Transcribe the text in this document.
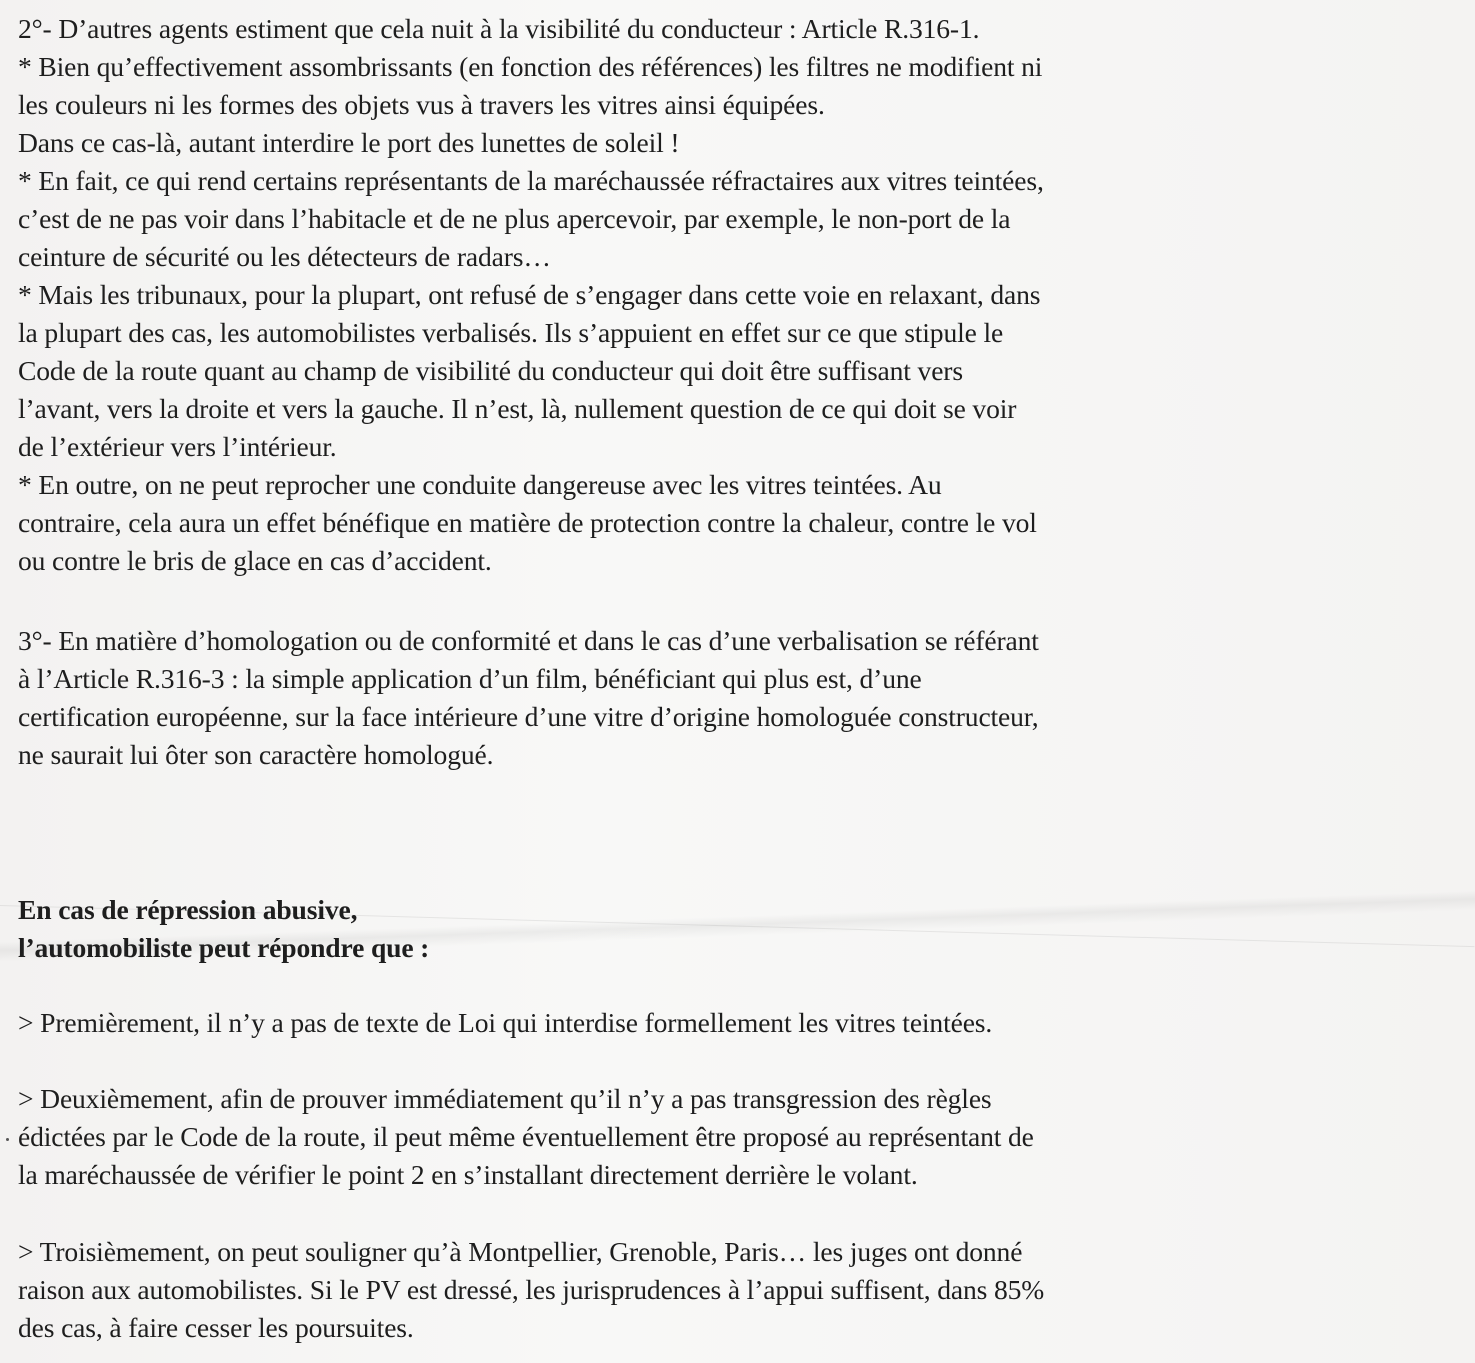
2°- D’autres agents estiment que cela nuit à la visibilité du conducteur : Article R.316-1.
* Bien qu’effectivement assombrissants (en fonction des références) les filtres ne modifient ni
les couleurs ni les formes des objets vus à travers les vitres ainsi équipées.
Dans ce cas-là, autant interdire le port des lunettes de soleil !
* En fait, ce qui rend certains représentants de la maréchaussée réfractaires aux vitres teintées,
c’est de ne pas voir dans l’habitacle et de ne plus apercevoir, par exemple, le non-port de la
ceinture de sécurité ou les détecteurs de radars…
* Mais les tribunaux, pour la plupart, ont refusé de s’engager dans cette voie en relaxant, dans
la plupart des cas, les automobilistes verbalisés. Ils s’appuient en effet sur ce que stipule le
Code de la route quant au champ de visibilité du conducteur qui doit être suffisant vers
l’avant, vers la droite et vers la gauche. Il n’est, là, nullement question de ce qui doit se voir
de l’extérieur vers l’intérieur.
* En outre, on ne peut reprocher une conduite dangereuse avec les vitres teintées. Au
contraire, cela aura un effet bénéfique en matière de protection contre la chaleur, contre le vol
ou contre le bris de glace en cas d’accident.
3°- En matière d’homologation ou de conformité et dans le cas d’une verbalisation se référant
à l’Article R.316-3 : la simple application d’un film, bénéficiant qui plus est, d’une
certification européenne, sur la face intérieure d’une vitre d’origine homologuée constructeur,
ne saurait lui ôter son caractère homologué.
En cas de répression abusive,
l’automobiliste peut répondre que :
> Premièrement, il n’y a pas de texte de Loi qui interdise formellement les vitres teintées.
> Deuxièmement, afin de prouver immédiatement qu’il n’y a pas transgression des règles
édictées par le Code de la route, il peut même éventuellement être proposé au représentant de
la maréchaussée de vérifier le point 2 en s’installant directement derrière le volant.
> Troisièmement, on peut souligner qu’à Montpellier, Grenoble, Paris… les juges ont donné
raison aux automobilistes. Si le PV est dressé, les jurisprudences à l’appui suffisent, dans 85%
des cas, à faire cesser les poursuites.
